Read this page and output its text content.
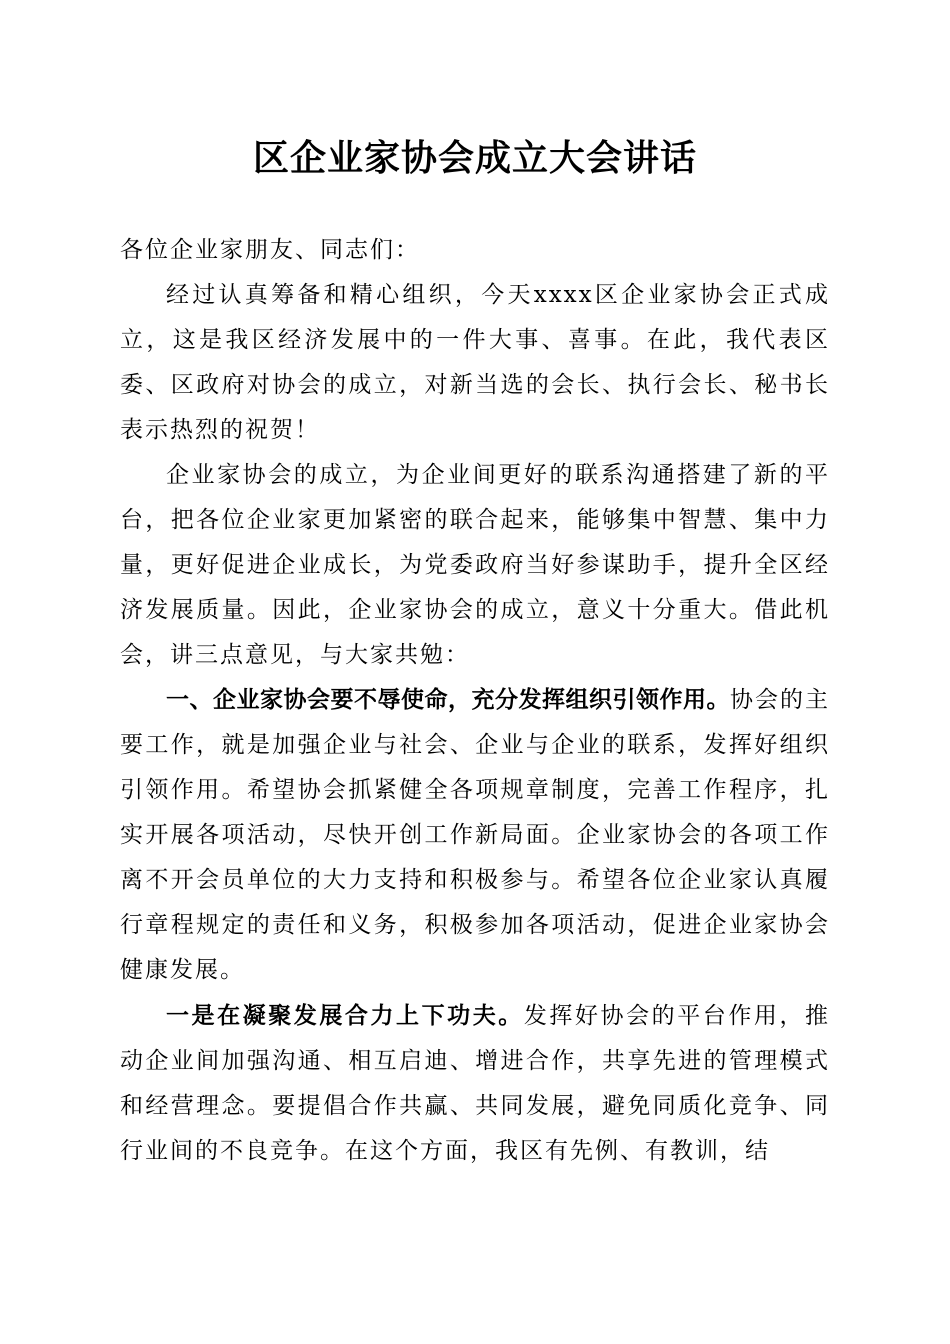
区企业家协会成立大会讲话

各位企业家朋友、同志们：

经过认真筹备和精心组织，今天xxxx区企业家协会正式成立，这是我区经济发展中的一件大事、喜事。在此，我代表区委、区政府对协会的成立，对新当选的会长、执行会长、秘书长表示热烈的祝贺！

企业家协会的成立，为企业间更好的联系沟通搭建了新的平台，把各位企业家更加紧密的联合起来，能够集中智慧、集中力量，更好促进企业成长，为党委政府当好参谋助手，提升全区经济发展质量。因此，企业家协会的成立，意义十分重大。借此机会，讲三点意见，与大家共勉：

一、企业家协会要不辱使命，充分发挥组织引领作用。协会的主要工作，就是加强企业与社会、企业与企业的联系，发挥好组织引领作用。希望协会抓紧健全各项规章制度，完善工作程序，扎实开展各项活动，尽快开创工作新局面。企业家协会的各项工作离不开会员单位的大力支持和积极参与。希望各位企业家认真履行章程规定的责任和义务，积极参加各项活动，促进企业家协会健康发展。

一是在凝聚发展合力上下功夫。发挥好协会的平台作用，推动企业间加强沟通、相互启迪、增进合作，共享先进的管理模式和经营理念。要提倡合作共赢、共同发展，避免同质化竞争、同行业间的不良竞争。在这个方面，我区有先例、有教训，结
